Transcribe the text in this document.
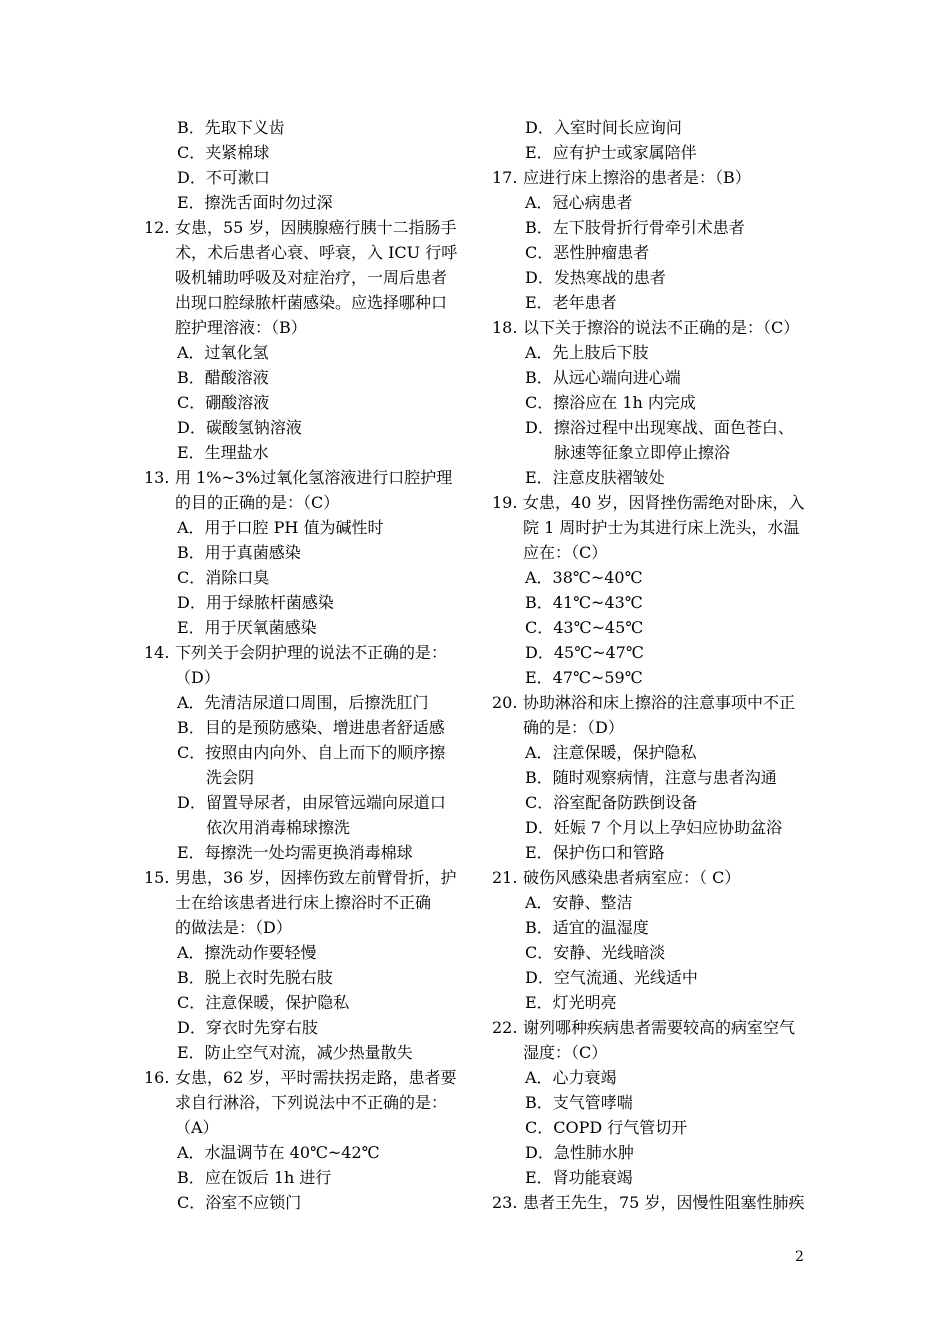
B．先取下义齿
C．夹紧棉球
D．不可漱口
E．擦洗舌面时勿过深
12. 女患，55 岁，因胰腺癌行胰十二指肠手
术，术后患者心衰、呼衰，入 ICU 行呼
吸机辅助呼吸及对症治疗，一周后患者
出现口腔绿脓杆菌感染。应选择哪种口
腔护理溶液：（B）
A．过氧化氢
B．醋酸溶液
C．硼酸溶液
D．碳酸氢钠溶液
E．生理盐水
13. 用 1%~3%过氧化氢溶液进行口腔护理
的目的正确的是：（C）
A．用于口腔 PH 值为碱性时
B．用于真菌感染
C．消除口臭
D．用于绿脓杆菌感染
E．用于厌氧菌感染
14. 下列关于会阴护理的说法不正确的是：
（D）
A．先清洁尿道口周围，后擦洗肛门
B．目的是预防感染、增进患者舒适感
C．按照由内向外、自上而下的顺序擦
洗会阴
D．留置导尿者，由尿管远端向尿道口
依次用消毒棉球擦洗
E．每擦洗一处均需更换消毒棉球
15. 男患，36 岁，因摔伤致左前臂骨折，护
士在给该患者进行床上擦浴时不正确
的做法是：（D）
A．擦洗动作要轻慢
B．脱上衣时先脱右肢
C．注意保暖，保护隐私
D．穿衣时先穿右肢
E．防止空气对流，减少热量散失
16. 女患，62 岁，平时需扶拐走路，患者要
求自行淋浴，下列说法中不正确的是：
（A）
A．水温调节在 40℃~42℃
B．应在饭后 1h 进行
C．浴室不应锁门
D．入室时间长应询问
E．应有护士或家属陪伴
17. 应进行床上擦浴的患者是：（B）
A．冠心病患者
B．左下肢骨折行骨牵引术患者
C．恶性肿瘤患者
D．发热寒战的患者
E．老年患者
18. 以下关于擦浴的说法不正确的是：（C）
A．先上肢后下肢
B．从远心端向进心端
C．擦浴应在 1h 内完成
D．擦浴过程中出现寒战、面色苍白、
脉速等征象立即停止擦浴
E．注意皮肤褶皱处
19. 女患，40 岁，因肾挫伤需绝对卧床，入
院 1 周时护士为其进行床上洗头，水温
应在：（C）
A．38℃~40℃
B．41℃~43℃
C．43℃~45℃
D．45℃~47℃
E．47℃~59℃
20. 协助淋浴和床上擦浴的注意事项中不正
确的是：（D）
A．注意保暖，保护隐私
B．随时观察病情，注意与患者沟通
C．浴室配备防跌倒设备
D．妊娠 7 个月以上孕妇应协助盆浴
E．保护伤口和管路
21. 破伤风感染患者病室应：（ C）
A．安静、整洁
B．适宜的温湿度
C．安静、光线暗淡
D．空气流通、光线适中
E．灯光明亮
22. 谢列哪种疾病患者需要较高的病室空气
湿度：（C）
A．心力衰竭
B．支气管哮喘
C．COPD 行气管切开
D．急性肺水肿
E．肾功能衰竭
23. 患者王先生，75 岁，因慢性阻塞性肺疾
2
